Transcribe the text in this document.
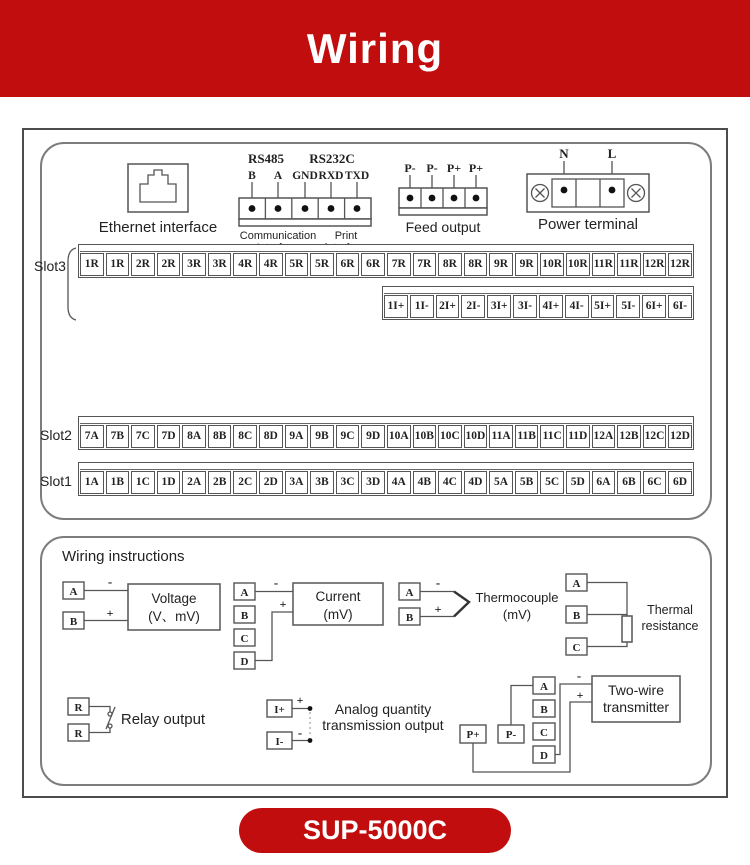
Wiring
Ethernet interface
RS485 RS232C
B A GND RXD TXD
Communication Print
P- P- P+ P+
Feed output
N	L
Power terminal
Slot3	1R	1R	2R	2R	3R	3R	4R	4R	5R	5R	6R	6R	7R	7R	8R	8R	9R	9R 10R 10R 11R 11R 12R 12R
1I+ 1I- 2I+ 2I- 3I+ 3I- 4I+ 4I- 5I+ 5I- 6I+ 6I-
Slot2	7A	7B	7C	7D	8A	8B	8C	8D	9A	9B	9C	9D 10A 10B 10C 10D 11A 11B 11C 11D 12A 12B 12C 12D
Slot1	1A	1B	1C	1D	2A	2B	2C	2D	3A	3B	3C	3D	4A	4B	4C	4D	5A	5B	5C	5D	6A	6B	6C	6D
Wiring instructions
A
B
-
+
Voltage
(V、mV)
A
B
C
D
-
+ Current
(mV)
A
B
-
+
Thermocouple
(mV)
A
B
C
Thermal
resistance
R
R
Relay output
I+
I-
+
-
Analog quantity
transmission output
P+ P-
A
B
C
D
-
+ Two-wire
transmitter
SUP-5000C
